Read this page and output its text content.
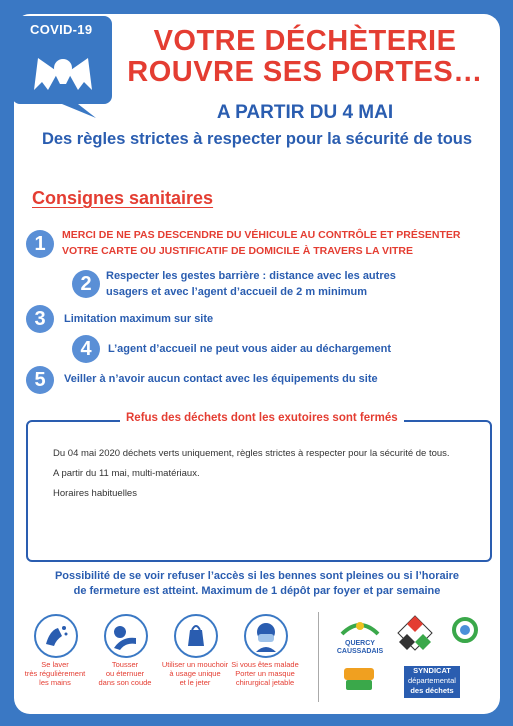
COVID-19	VOTRE DÉCHÈTERIE
ROUVRE SES PORTES…
A PARTIR DU 4 MAI
Des règles strictes à respecter pour la sécurité de tous
Consignes sanitaires
1	MERCI DE NE PAS DESCENDRE DU VÉHICULE AU CONTRÔLE ET PRÉSENTER
VOTRE CARTE OU JUSTIFICATIF DE DOMICILE À TRAVERS LA VITRE
2	Respecter les gestes barrière : distance avec les autres
usagers et avec l’agent d’accueil de 2 m minimum
3	Limitation maximum sur site
4	L’agent d’accueil ne peut vous aider au déchargement
5	Veiller à n’avoir aucun contact avec les équipements du site
Refus des déchets dont les exutoires sont fermés
Du 04 mai 2020 déchets verts uniquement, règles strictes à respecter pour la sécurité de tous.
A partir du 11 mai, multi-matériaux.
Horaires habituelles
Possibilité de se voir refuser l’accès si les bennes sont pleines ou si l’horaire
de fermeture est atteint. Maximum de 1 dépôt par foyer et par semaine
Se laver
très régulièrement
les mains
Tousser
ou éternuer
dans son coude
Utiliser un mouchoir
à usage unique
et le jeter
Si vous êtes malade
Porter un masque
chirurgical jetable
QUERCY
CAUSSADAIS
SYNDICAT
départemental
des déchets
